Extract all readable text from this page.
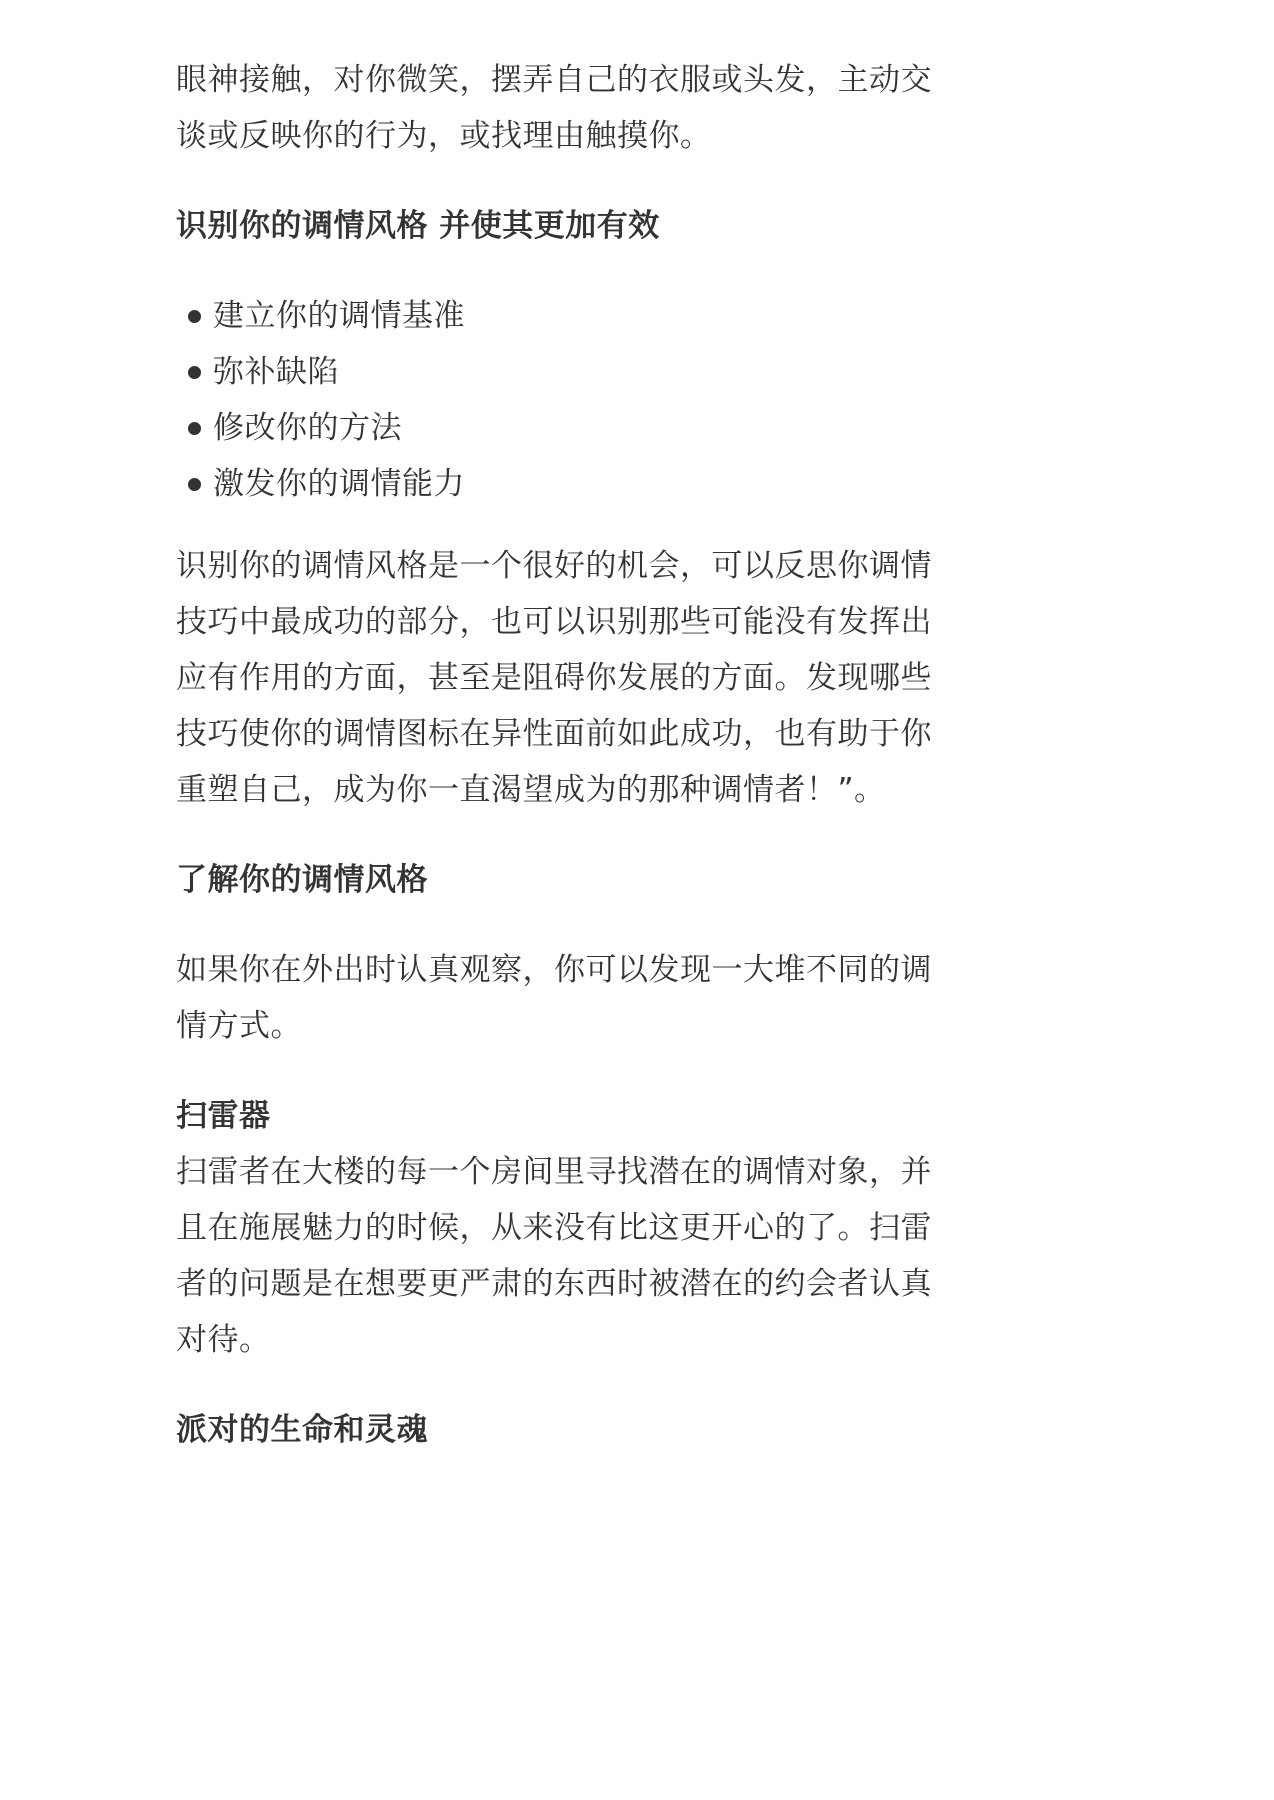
眼神接触，对你微笑，摆弄自己的衣服或头发，主动交谈或反映你的行为，或找理由触摸你。

识别你的调情风格 并使其更加有效
建立你的调情基准
弥补缺陷
修改你的方法
激发你的调情能力

识别你的调情风格是一个很好的机会，可以反思你调情技巧中最成功的部分，也可以识别那些可能没有发挥出应有作用的方面，甚至是阻碍你发展的方面。发现哪些技巧使你的调情图标在异性面前如此成功，也有助于你重塑自己，成为你一直渴望成为的那种调情者！”。

了解你的调情风格

如果你在外出时认真观察，你可以发现一大堆不同的调情方式。

扫雷器

扫雷者在大楼的每一个房间里寻找潜在的调情对象，并且在施展魅力的时候，从来没有比这更开心的了。扫雷者的问题是在想要更严肃的东西时被潜在的约会者认真对待。

派对的生命和灵魂
